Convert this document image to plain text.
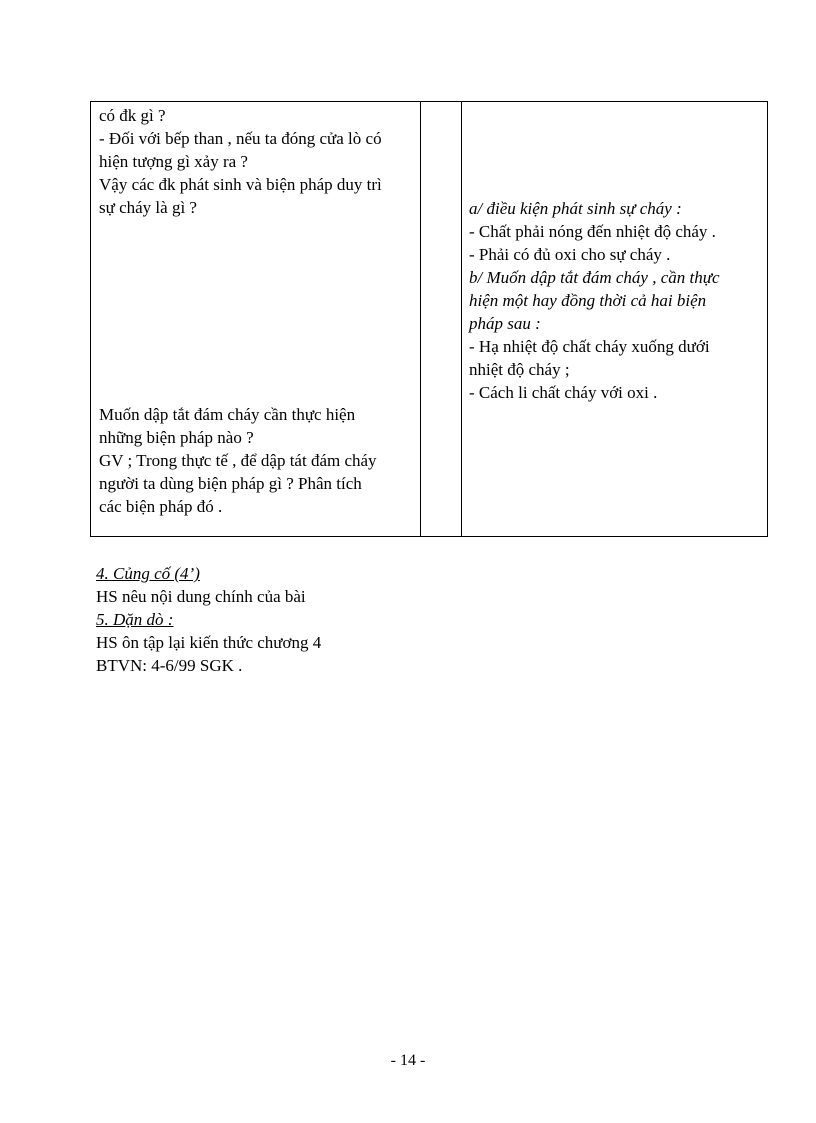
có đk gì ?
- Đối với bếp than , nếu ta đóng cửa lò có
hiện tượng gì xảy ra ?
Vậy các đk phát sinh và biện pháp duy trì
sự cháy là gì ?
Muốn dập tắt đám cháy cần thực hiện
những biện pháp nào ?
GV ; Trong thực tế , để dập tát đám cháy
người ta dùng biện pháp gì ? Phân tích
các biện pháp đó .
a/ điều kiện phát sinh sự cháy :
- Chất phải nóng đến nhiệt độ cháy .
- Phải có đủ oxi cho sự cháy .
b/ Muốn dập tắt đám cháy , cần thực
hiện một hay đồng thời cả hai biện
pháp sau :
- Hạ nhiệt độ chất cháy xuống dưới
nhiệt độ cháy ;
- Cách li chất cháy với oxi .
4. Củng cố (4’)
HS nêu nội dung chính của bài
5. Dặn dò :
HS ôn tập lại kiến thức chương 4
BTVN: 4-6/99 SGK .
- 14 -
